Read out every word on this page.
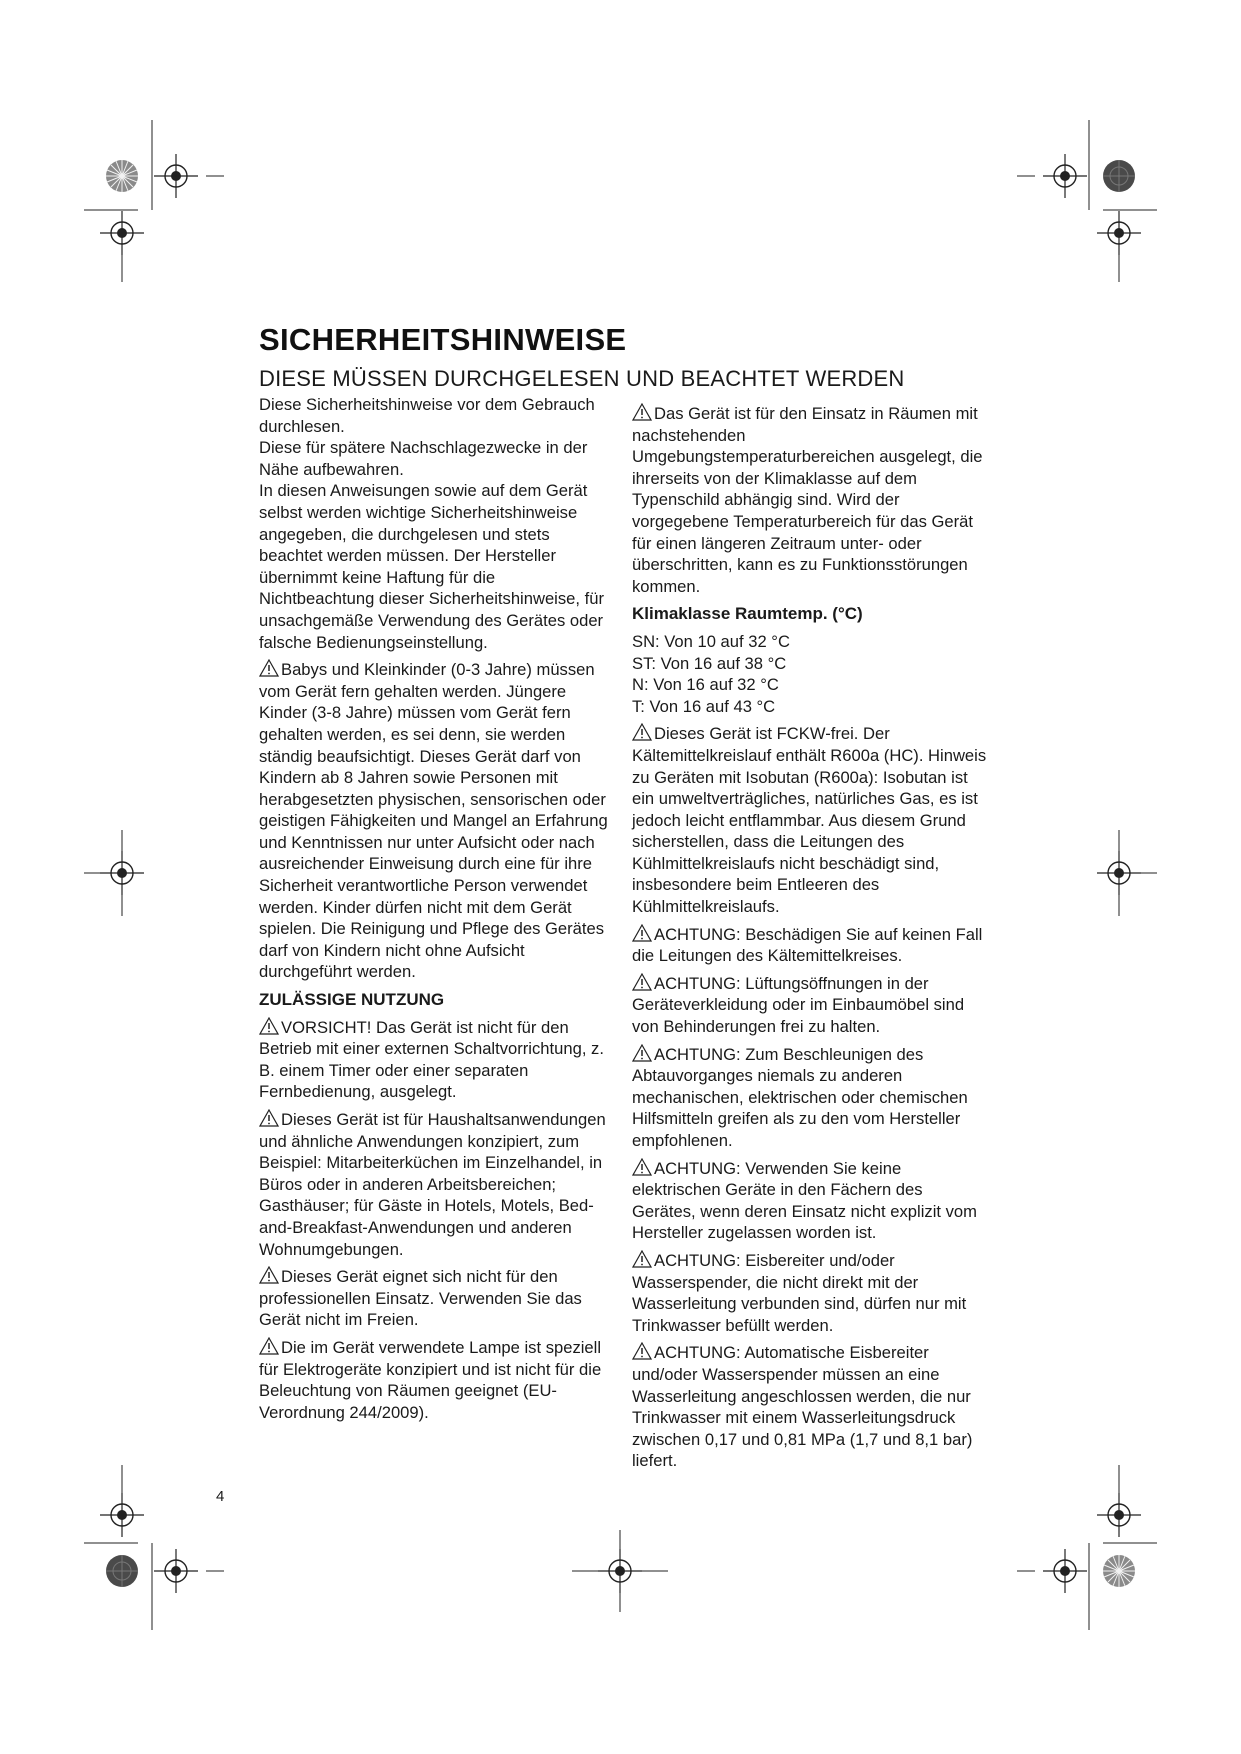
SICHERHEITSHINWEISE
DIESE MÜSSEN DURCHGELESEN UND BEACHTET WERDEN

Diese Sicherheitshinweise vor dem Gebrauch durchlesen.

Diese für spätere Nachschlagezwecke in der Nähe aufbewahren.

In diesen Anweisungen sowie auf dem Gerät selbst werden wichtige Sicherheitshinweise angegeben, die durchgelesen und stets beachtet werden müssen. Der Hersteller übernimmt keine Haftung für die Nichtbeachtung dieser Sicherheitshinweise, für unsachgemäße Verwendung des Gerätes oder falsche Bedienungseinstellung.

Babys und Kleinkinder (0-3 Jahre) müssen vom Gerät fern gehalten werden. Jüngere Kinder (3-8 Jahre) müssen vom Gerät fern gehalten werden, es sei denn, sie werden ständig beaufsichtigt. Dieses Gerät darf von Kindern ab 8 Jahren sowie Personen mit herabgesetzten physischen, sensorischen oder geistigen Fähigkeiten und Mangel an Erfahrung und Kenntnissen nur unter Aufsicht oder nach ausreichender Einweisung durch eine für ihre Sicherheit verantwortliche Person verwendet werden. Kinder dürfen nicht mit dem Gerät spielen. Die Reinigung und Pflege des Gerätes darf von Kindern nicht ohne Aufsicht durchgeführt werden.

ZULÄSSIGE NUTZUNG

VORSICHT! Das Gerät ist nicht für den Betrieb mit einer externen Schaltvorrichtung, z. B. einem Timer oder einer separaten Fernbedienung, ausgelegt.

Dieses Gerät ist für Haushaltsanwendungen und ähnliche Anwendungen konzipiert, zum Beispiel: Mitarbeiterküchen im Einzelhandel, in Büros oder in anderen Arbeitsbereichen; Gasthäuser; für Gäste in Hotels, Motels, Bed-and-Breakfast-Anwendungen und anderen Wohnumgebungen.

Dieses Gerät eignet sich nicht für den professionellen Einsatz. Verwenden Sie das Gerät nicht im Freien.

Die im Gerät verwendete Lampe ist speziell für Elektrogeräte konzipiert und ist nicht für die Beleuchtung von Räumen geeignet (EU-Verordnung 244/2009).

Das Gerät ist für den Einsatz in Räumen mit nachstehenden Umgebungstemperaturbereichen ausgelegt, die ihrerseits von der Klimaklasse auf dem Typenschild abhängig sind. Wird der vorgegebene Temperaturbereich für das Gerät für einen längeren Zeitraum unter- oder überschritten, kann es zu Funktionsstörungen kommen.

Klimaklasse Raumtemp. (°C)

SN: Von 10 auf 32 °C

ST: Von 16 auf 38 °C

N: Von 16 auf 32 °C

T: Von 16 auf 43 °C

Dieses Gerät ist FCKW-frei. Der Kältemittelkreislauf enthält R600a (HC). Hinweis zu Geräten mit Isobutan (R600a): Isobutan ist ein umweltverträgliches, natürliches Gas, es ist jedoch leicht entflammbar. Aus diesem Grund sicherstellen, dass die Leitungen des Kühlmittelkreislaufs nicht beschädigt sind, insbesondere beim Entleeren des Kühlmittelkreislaufs.

ACHTUNG: Beschädigen Sie auf keinen Fall die Leitungen des Kältemittelkreises.

ACHTUNG: Lüftungsöffnungen in der Geräteverkleidung oder im Einbaumöbel sind von Behinderungen frei zu halten.

ACHTUNG: Zum Beschleunigen des Abtauvorganges niemals zu anderen mechanischen, elektrischen oder chemischen Hilfsmitteln greifen als zu den vom Hersteller empfohlenen.

ACHTUNG: Verwenden Sie keine elektrischen Geräte in den Fächern des Gerätes, wenn deren Einsatz nicht explizit vom Hersteller zugelassen worden ist.

ACHTUNG: Eisbereiter und/oder Wasserspender, die nicht direkt mit der Wasserleitung verbunden sind, dürfen nur mit Trinkwasser befüllt werden.

ACHTUNG: Automatische Eisbereiter und/oder Wasserspender müssen an eine Wasserleitung angeschlossen werden, die nur Trinkwasser mit einem Wasserleitungsdruck zwischen 0,17 und 0,81 MPa (1,7 und 8,1 bar) liefert.

4
